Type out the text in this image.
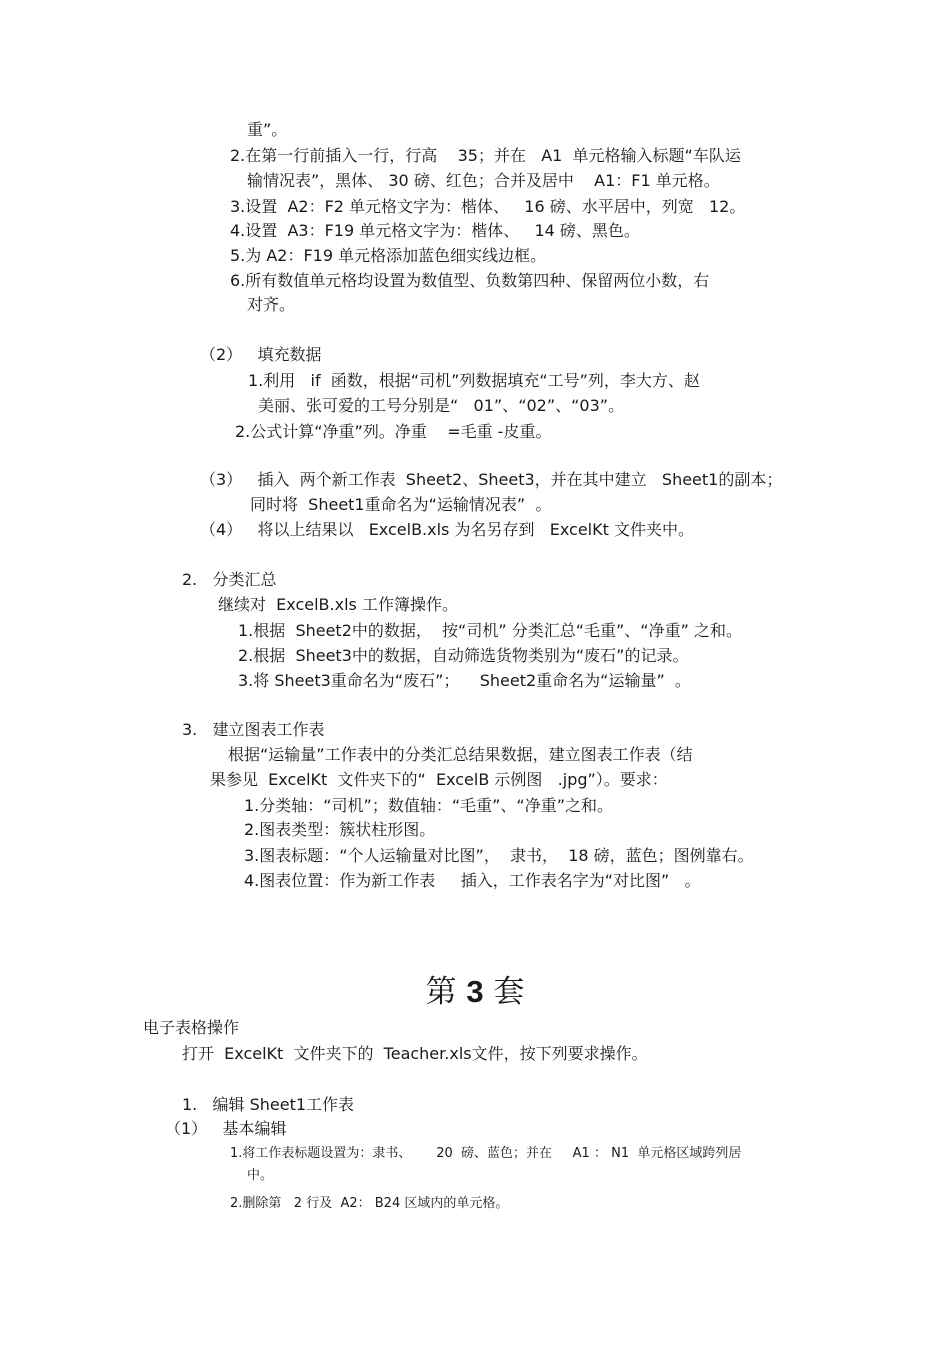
重”。
2.在第一行前插入一行，行高    35；并在   A1  单元格输入标题“车队运
输情况表”，黑体、 30 磅、红色；合并及居中    A1：F1 单元格。
3.设置  A2：F2 单元格文字为：楷体、   16 磅、水平居中，列宽   12。
4.设置  A3：F19 单元格文字为：楷体、   14 磅、黑色。
5.为 A2：F19 单元格添加蓝色细实线边框。
6.所有数值单元格均设置为数值型、负数第四种、保留两位小数，右
对齐。
（2）   填充数据
1.利用   if  函数，根据“司机”列数据填充“工号”列，李大方、赵
美丽、张可爱的工号分别是“   01”、“02”、“03”。
2.公式计算“净重”列。净重    =毛重 -皮重。
（3）   插入  两个新工作表  Sheet2、Sheet3，并在其中建立   Sheet1的副本；
同时将  Sheet1重命名为“运输情况表”  。
（4）   将以上结果以   ExcelB.xls 为名另存到   ExcelKt 文件夹中。
2.   分类汇总
继续对  ExcelB.xls 工作簿操作。
1.根据  Sheet2中的数据，  按“司机” 分类汇总“毛重”、“净重” 之和。
2.根据  Sheet3中的数据，自动筛选货物类别为“废石”的记录。
3.将 Sheet3重命名为“废石”；    Sheet2重命名为“运输量”  。
3.   建立图表工作表
根据“运输量”工作表中的分类汇总结果数据，建立图表工作表（结
果参见  ExcelKt  文件夹下的“  ExcelB 示例图   .jpg”）。要求：
1.分类轴：“司机”；数值轴：“毛重”、“净重”之和。
2.图表类型：簇状柱形图。
3.图表标题：“个人运输量对比图”，  隶书，  18 磅，蓝色；图例靠右。
4.图表位置：作为新工作表     插入，工作表名字为“对比图”   。
第 3 套
电子表格操作
打开  ExcelKt  文件夹下的  Teacher.xls文件，按下列要求操作。
1.   编辑 Sheet1工作表
（1）   基本编辑
1.将工作表标题设置为：隶书、      20  磅、蓝色；并在     A1 ： N1  单元格区域跨列居
中。
2.删除第   2 行及  A2： B24 区域内的单元格。
